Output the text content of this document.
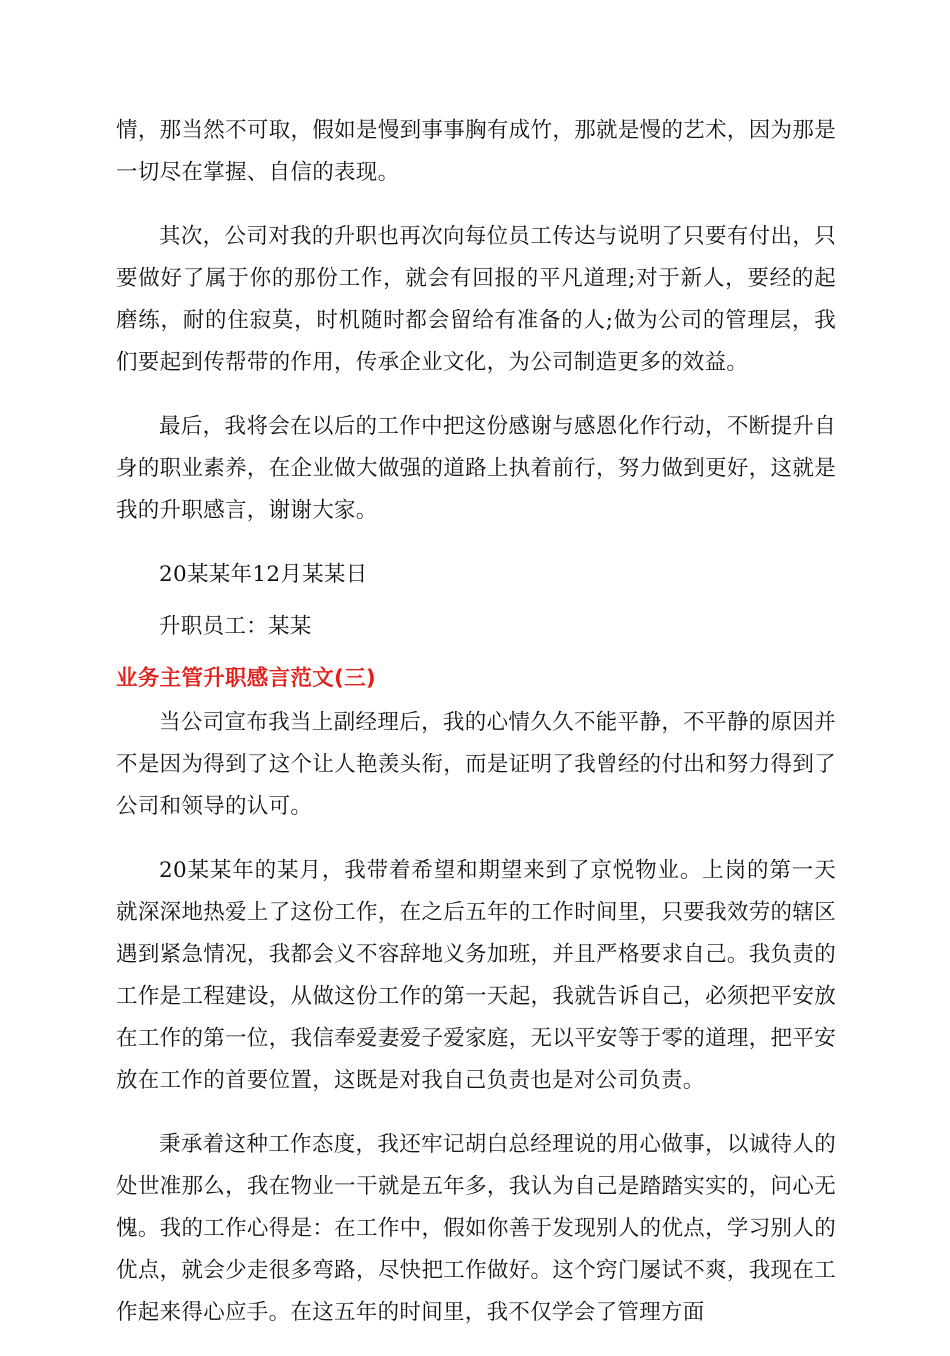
情，那当然不可取，假如是慢到事事胸有成竹，那就是慢的艺术，因为那是一切尽在掌握、自信的表现。

其次，公司对我的升职也再次向每位员工传达与说明了只要有付出，只要做好了属于你的那份工作，就会有回报的平凡道理;对于新人，要经的起磨练，耐的住寂莫，时机随时都会留给有准备的人;做为公司的管理层，我们要起到传帮带的作用，传承企业文化，为公司制造更多的效益。

最后，我将会在以后的工作中把这份感谢与感恩化作行动，不断提升自身的职业素养，在企业做大做强的道路上执着前行，努力做到更好，这就是我的升职感言，谢谢大家。

20某某年12月某某日

升职员工：某某

业务主管升职感言范文(三)

当公司宣布我当上副经理后，我的心情久久不能平静，不平静的原因并不是因为得到了这个让人艳羡头衔，而是证明了我曾经的付出和努力得到了公司和领导的认可。

20某某年的某月，我带着希望和期望来到了京悦物业。上岗的第一天就深深地热爱上了这份工作，在之后五年的工作时间里，只要我效劳的辖区遇到紧急情况，我都会义不容辞地义务加班，并且严格要求自己。我负责的工作是工程建设，从做这份工作的第一天起，我就告诉自己，必须把平安放在工作的第一位，我信奉爱妻爱子爱家庭，无以平安等于零的道理，把平安放在工作的首要位置，这既是对我自己负责也是对公司负责。

秉承着这种工作态度，我还牢记胡白总经理说的用心做事，以诚待人的处世准那么，我在物业一干就是五年多，我认为自己是踏踏实实的，问心无愧。我的工作心得是：在工作中，假如你善于发现别人的优点，学习别人的优点，就会少走很多弯路，尽快把工作做好。这个窍门屡试不爽，我现在工作起来得心应手。在这五年的时间里，我不仅学会了管理方面
